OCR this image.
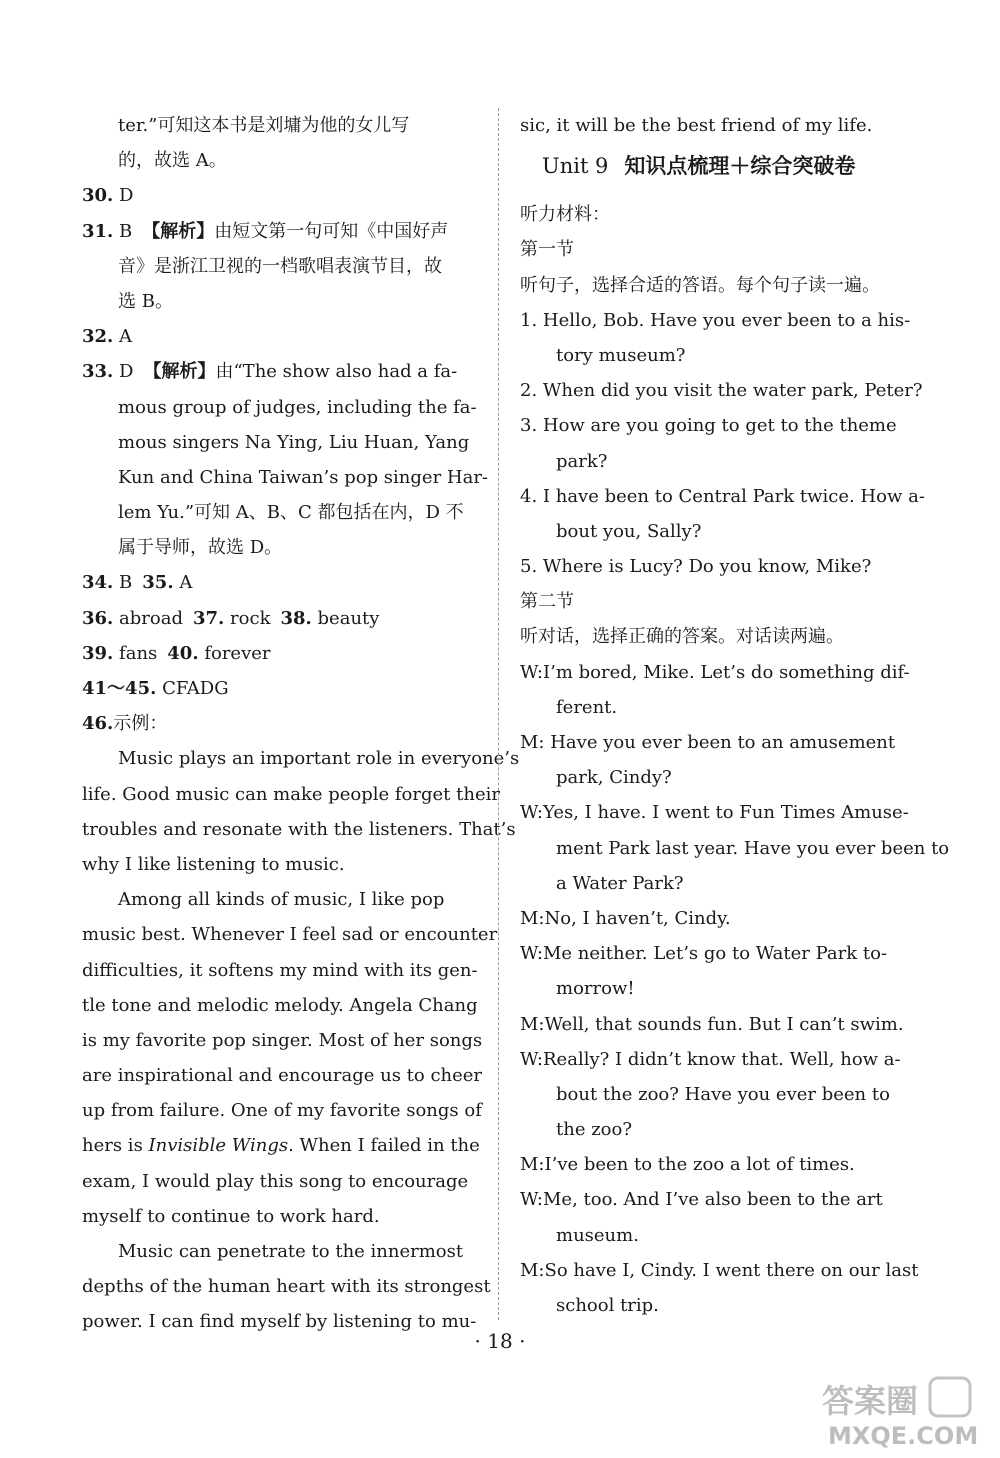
ter.”可知这本书是刘墉为他的女儿写
的，故选 A。
30. D
31. B 【解析】由短文第一句可知《中国好声
音》是浙江卫视的一档歌唱表演节目，故
选 B。
32. A
33. D 【解析】由“The show also had a fa-
mous group of judges, including the fa-
mous singers Na Ying, Liu Huan, Yang
Kun and China Taiwan’s pop singer Har-
lem Yu.”可知 A、B、C 都包括在内，D 不
属于导师，故选 D。
34. B 35. A
36. abroad 37. rock 38. beauty
39. fans 40. forever
41～45. CFADG
46.示例：
Music plays an important role in everyone’s
life. Good music can make people forget their
troubles and resonate with the listeners. That’s
why I like listening to music.
Among all kinds of music, I like pop
music best. Whenever I feel sad or encounter
difficulties, it softens my mind with its gen-
tle tone and melodic melody. Angela Chang
is my favorite pop singer. Most of her songs
are inspirational and encourage us to cheer
up from failure. One of my favorite songs of
hers is Invisible Wings. When I failed in the
exam, I would play this song to encourage
myself to continue to work hard.
Music can penetrate to the innermost
depths of the human heart with its strongest
power. I can find myself by listening to mu-
sic, it will be the best friend of my life.
Unit 9 知识点梳理＋综合突破卷
听力材料：
第一节
听句子，选择合适的答语。每个句子读一遍。
1. Hello, Bob. Have you ever been to a his-
tory museum?
2. When did you visit the water park, Peter?
3. How are you going to get to the theme
park?
4. I have been to Central Park twice. How a-
bout you, Sally?
5. Where is Lucy? Do you know, Mike?
第二节
听对话，选择正确的答案。对话读两遍。
W:I’m bored, Mike. Let’s do something dif-
ferent.
M: Have you ever been to an amusement
park, Cindy?
W:Yes, I have. I went to Fun Times Amuse-
ment Park last year. Have you ever been to
a Water Park?
M:No, I haven’t, Cindy.
W:Me neither. Let’s go to Water Park to-
morrow!
M:Well, that sounds fun. But I can’t swim.
W:Really? I didn’t know that. Well, how a-
bout the zoo? Have you ever been to
the zoo?
M:I’ve been to the zoo a lot of times.
W:Me, too. And I’ve also been to the art
museum.
M:So have I, Cindy. I went there on our last
school trip.
· 18 ·
答案圈
MXQE.COM
